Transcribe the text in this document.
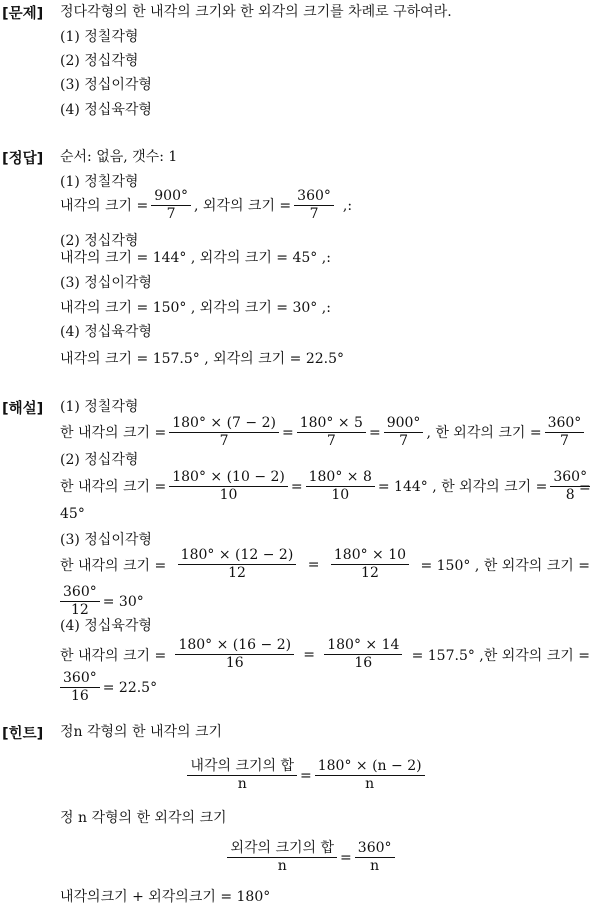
[문제] 정다각형의 한 내각의 크기와 한 외각의 크기를 차례로 구하여라.
(1) 정칠각형
(2) 정십각형
(3) 정십이각형
(4) 정십육각형
[정답] 순서: 없음, 갯수: 1
(1) 정칠각형
내각의 크기 = $\frac{900^\circ}{7}$ , 외각의 크기 = $\frac{360^\circ}{7}$ ,:
(2) 정십각형
내각의 크기 = 144° , 외각의 크기 = 45° ,:
(3) 정십이각형
내각의 크기 = 150° , 외각의 크기 = 30° ,:
(4) 정십육각형
내각의 크기 = 157.5° , 외각의 크기 = 22.5°
[해설] (1) 정칠각형
한 내각의 크기 = $\frac{180^\circ \times (7 - 2)}{7} = \frac{180^\circ \times 5}{7} = \frac{900^\circ}{7}$ , 한 외각의 크기 = $\frac{360^\circ}{7}$
(2) 정십각형
한 내각의 크기 = $\frac{180^\circ \times (10 - 2)}{10} = \frac{180^\circ \times 8}{10} = 144^\circ$ , 한 외각의 크기 = $\frac{360^\circ}{8}$
=
45°
(3) 정십이각형
한 내각의 크기 = $\frac{180^\circ \times (12 - 2)}{12} = \frac{180^\circ \times 10}{12} = 150^\circ$ , 한 외각의 크기 =
$\frac{360^\circ}{12} = 30^\circ$
(4) 정십육각형
한 내각의 크기 = $\frac{180^\circ \times (16 - 2)}{16} = \frac{180^\circ \times 14}{16} = 157.5^\circ$ ,한 외각의 크기 =
$\frac{360^\circ}{16} = 22.5^\circ$
[힌트] 정n 각형의 한 내각의 크기
$\frac{\text{내각의 크기의 합}}{n} = \frac{180^\circ \times (n - 2)}{n}$
정 n 각형의 한 외각의 크기
$\frac{\text{외각의 크기의 합}}{n} = \frac{360^\circ}{n}$
내각의크기 + 외각의크기 = 180°
